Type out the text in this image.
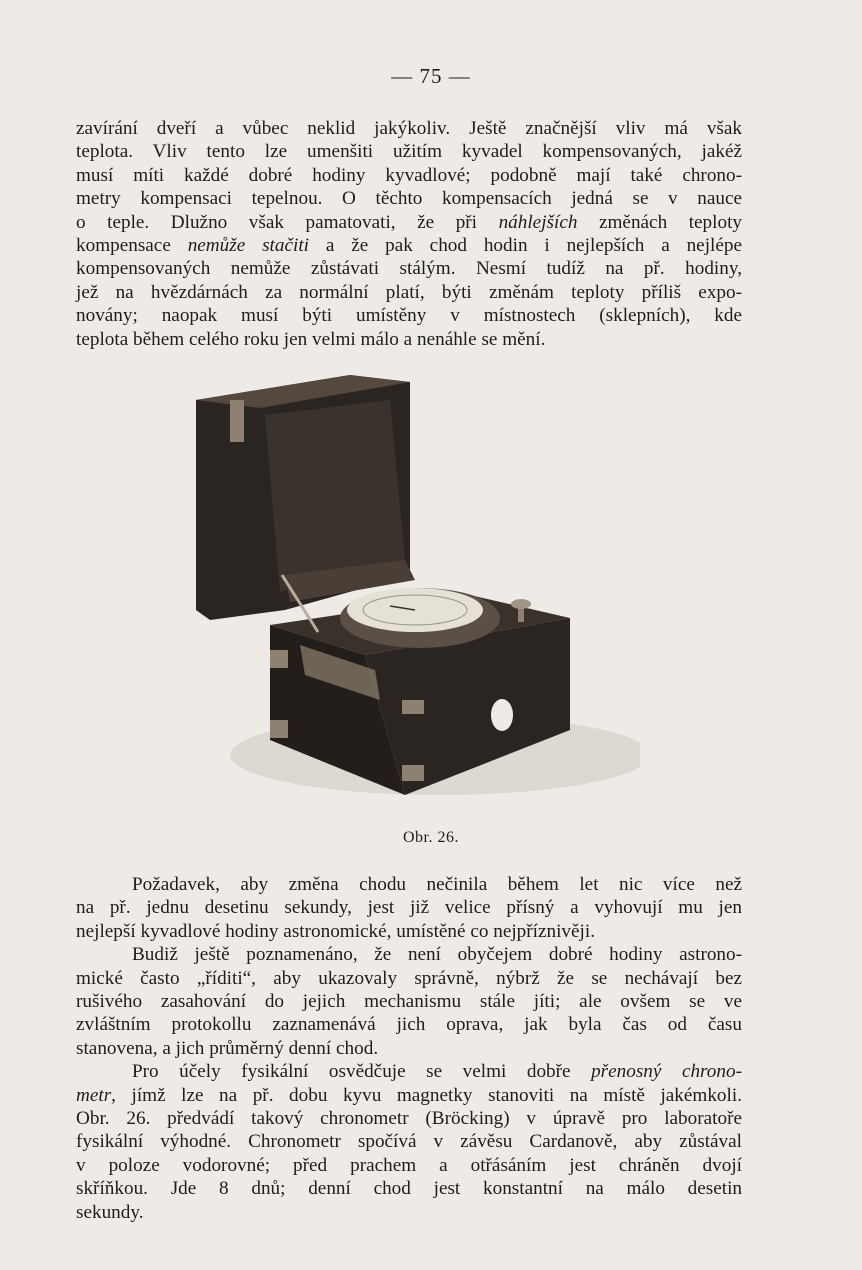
— 75 —
zavírání dveří a vůbec neklid jakýkoliv. Ještě značnější vliv má však
teplota. Vliv tento lze umenšiti užitím kyvadel kompensovaných, jakéž
musí míti každé dobré hodiny kyvadlové; podobně mají také chrono-
metry kompensaci tepelnou. O těchto kompensacích jedná se v nauce
o teple. Dlužno však pamatovati, že při náhlejších změnách teploty
kompensace nemůže stačiti a že pak chod hodin i nejlepších a nejlépe
kompensovaných nemůže zůstávati stálým. Nesmí tudíž na př. hodiny,
jež na hvězdárnách za normální platí, býti změnám teploty příliš expo-
novány; naopak musí býti umístěny v místnostech (sklepních), kde
teplota během celého roku jen velmi málo a nenáhle se mění.
Obr. 26.
Požadavek, aby změna chodu nečinila během let nic více než
na př. jednu desetinu sekundy, jest již velice přísný a vyhovují mu jen
nejlepší kyvadlové hodiny astronomické, umístěné co nejpříznivěji.
Budiž ještě poznamenáno, že není obyčejem dobré hodiny astrono-
mické často „říditi“, aby ukazovaly správně, nýbrž že se nechávají bez
rušivého zasahování do jejich mechanismu stále jíti; ale ovšem se ve
zvláštním protokollu zaznamenává jich oprava, jak byla čas od času
stanovena, a jich průměrný denní chod.
Pro účely fysikální osvědčuje se velmi dobře přenosný chrono-
metr, jímž lze na př. dobu kyvu magnetky stanoviti na místě jakémkoli.
Obr. 26. předvádí takový chronometr (Bröcking) v úpravě pro laboratoře
fysikální výhodné. Chronometr spočívá v závěsu Cardanově, aby zůstával
v poloze vodorovné; před prachem a otřásáním jest chráněn dvojí
skříňkou. Jde 8 dnů; denní chod jest konstantní na málo desetin
sekundy.
